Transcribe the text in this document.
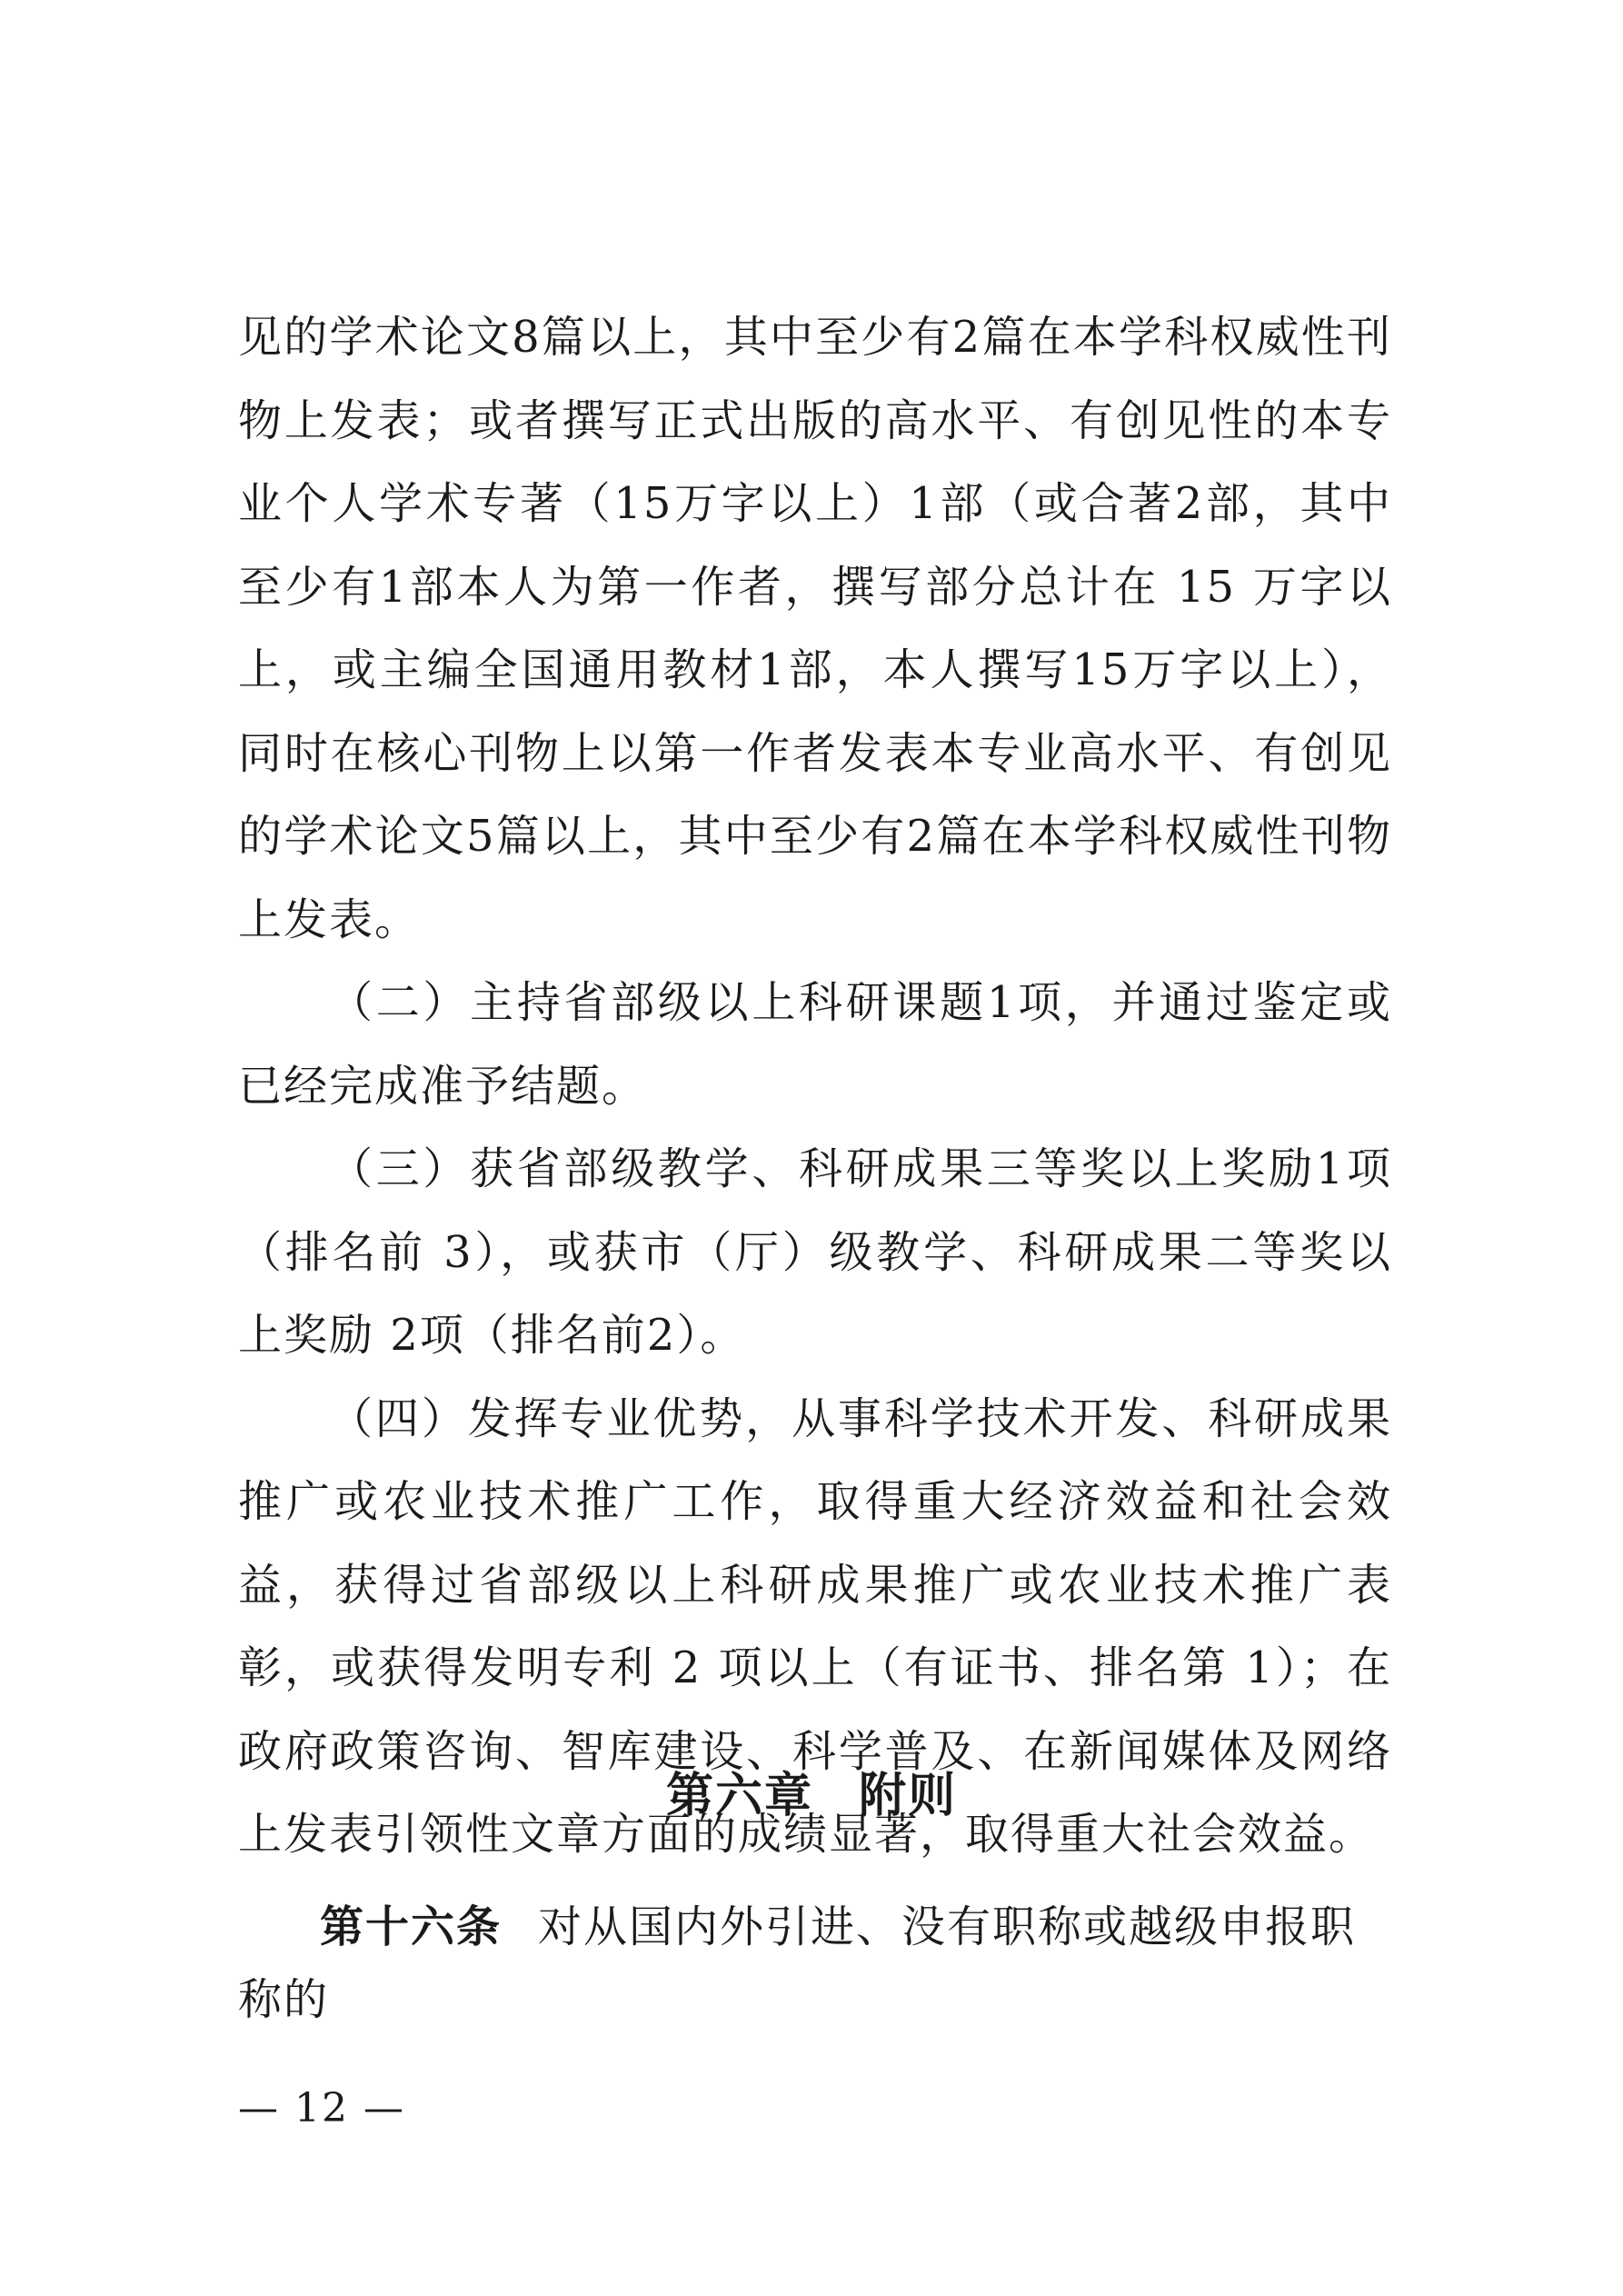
见的学术论文8篇以上，其中至少有2篇在本学科权威性刊物上发表；或者撰写正式出版的高水平、有创见性的本专业个人学术专著（15万字以上）1部（或合著2部，其中至少有1部本人为第一作者，撰写部分总计在 15 万字以上，或主编全国通用教材1部，本人撰写15万字以上），同时在核心刊物上以第一作者发表本专业高水平、有创见的学术论文5篇以上，其中至少有2篇在本学科权威性刊物上发表。

（二）主持省部级以上科研课题1项，并通过鉴定或已经完成准予结题。

（三）获省部级教学、科研成果三等奖以上奖励1项（排名前 3），或获市（厅）级教学、科研成果二等奖以上奖励 2项（排名前2）。

（四）发挥专业优势，从事科学技术开发、科研成果推广或农业技术推广工作，取得重大经济效益和社会效益，获得过省部级以上科研成果推广或农业技术推广表彰，或获得发明专利 2 项以上（有证书、排名第 1）；在政府政策咨询、智库建设、科学普及、在新闻媒体及网络上发表引领性文章方面的成绩显著，取得重大社会效益。

第六章 附则
第十六条 对从国内外引进、没有职称或越级申报职称的
— 12 —
